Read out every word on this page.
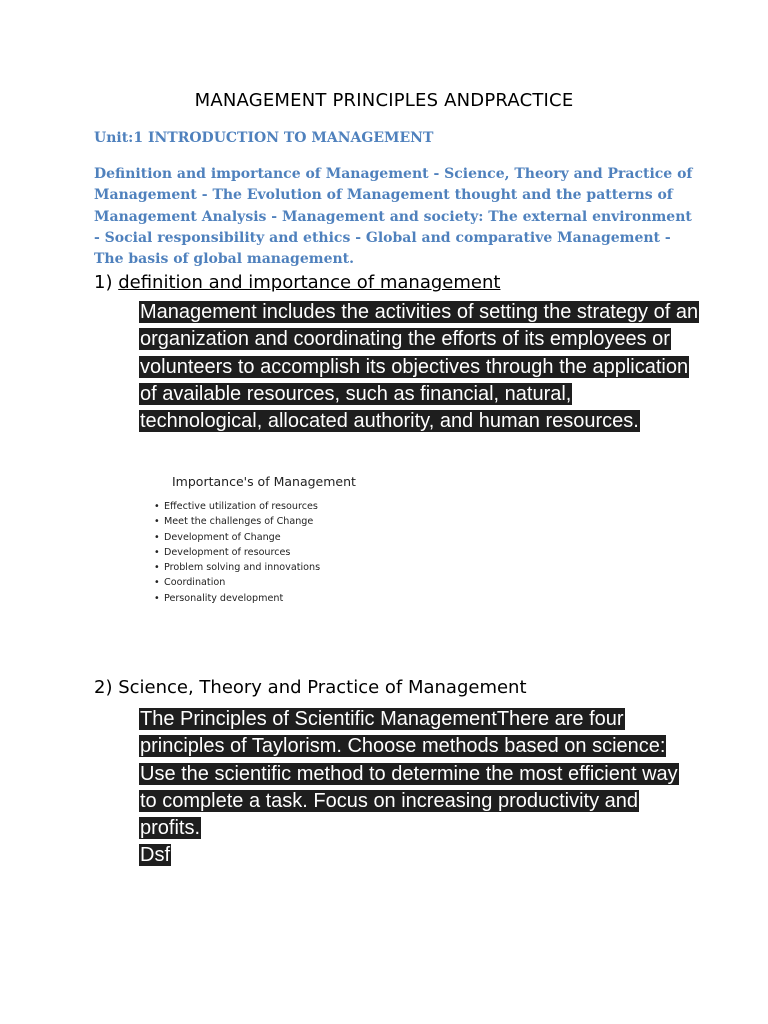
MANAGEMENT PRINCIPLES ANDPRACTICE
Unit:1 INTRODUCTION TO MANAGEMENT
Definition and importance of Management - Science, Theory and Practice of Management - The Evolution of Management thought and the patterns of Management Analysis - Management and society: The external environment - Social responsibility and ethics - Global and comparative Management - The basis of global management.
1) definition and importance of management
Management includes the activities of setting the strategy of an organization and coordinating the efforts of its employees or volunteers to accomplish its objectives through the application of available resources, such as financial, natural, technological, allocated authority, and human resources.
Importance's of Management
• Effective utilization of resources
• Meet the challenges of Change
• Development of Change
• Development of resources
• Problem solving and innovations
• Coordination
• Personality development
2) Science, Theory and Practice of Management
The Principles of Scientific ManagementThere are four principles of Taylorism. Choose methods based on science: Use the scientific method to determine the most efficient way to complete a task. Focus on increasing productivity and profits.
Dsf
